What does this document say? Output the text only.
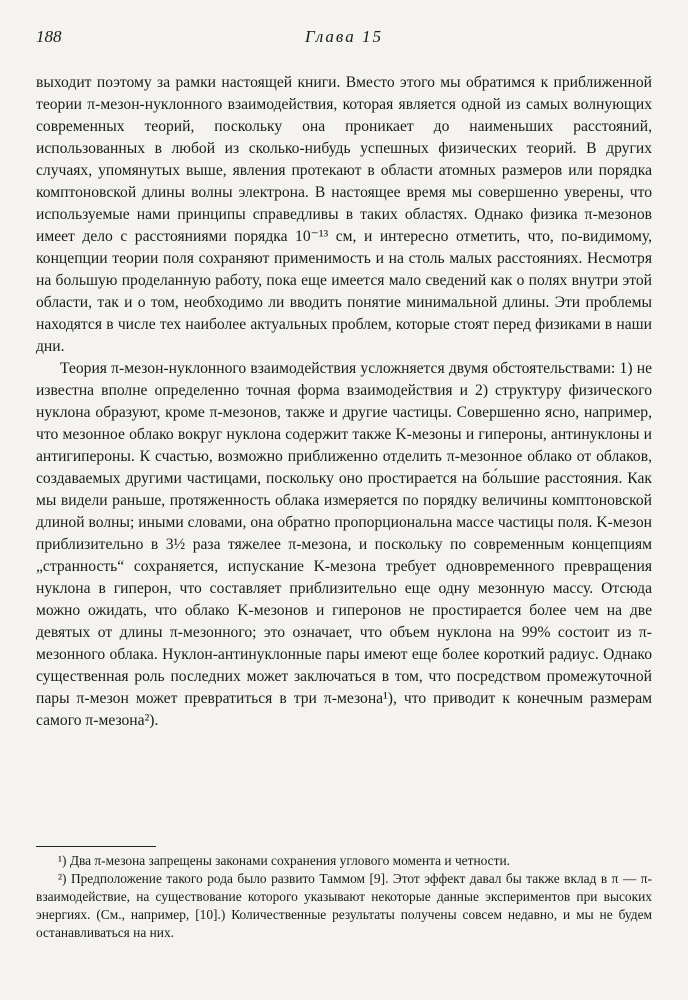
188	Глава 15

выходит поэтому за рамки настоящей книги. Вместо этого мы обратимся к приближенной теории π-мезон-нуклонного взаимодействия, которая является одной из самых волнующих современных теорий, поскольку она проникает до наименьших расстояний, использованных в любой из сколько-нибудь успешных физических теорий. В других случаях, упомянутых выше, явления протекают в области атомных размеров или порядка комптоновской длины волны электрона. В настоящее время мы совершенно уверены, что используемые нами принципы справедливы в таких областях. Однако физика π-мезонов имеет дело с расстояниями порядка 10⁻¹³ см, и интересно отметить, что, по-видимому, концепции теории поля сохраняют применимость и на столь малых расстояниях. Несмотря на большую проделанную работу, пока еще имеется мало сведений как о полях внутри этой области, так и о том, необходимо ли вводить понятие минимальной длины. Эти проблемы находятся в числе тех наиболее актуальных проблем, которые стоят перед физиками в наши дни.

Теория π-мезон-нуклонного взаимодействия усложняется двумя обстоятельствами: 1) не известна вполне определенно точная форма взаимодействия и 2) структуру физического нуклона образуют, кроме π-мезонов, также и другие частицы. Совершенно ясно, например, что мезонное облако вокруг нуклона содержит также K-мезоны и гипероны, антинуклоны и антигипероны. К счастью, возможно приближенно отделить π-мезонное облако от облаков, создаваемых другими частицами, поскольку оно простирается на бо́льшие расстояния. Как мы видели раньше, протяженность облака измеряется по порядку величины комптоновской длиной волны; иными словами, она обратно пропорциональна массе частицы поля. K-мезон приблизительно в 3½ раза тяжелее π-мезона, и поскольку по современным концепциям „странность“ сохраняется, испускание K-мезона требует одновременного превращения нуклона в гиперон, что составляет приблизительно еще одну мезонную массу. Отсюда можно ожидать, что облако K-мезонов и гиперонов не простирается более чем на две девятых от длины π-мезонного; это означает, что объем нуклона на 99% состоит из π-мезонного облака. Нуклон-антинуклонные пары имеют еще более короткий радиус. Однако существенная роль последних может заключаться в том, что посредством промежуточной пары π-мезон может превратиться в три π-мезона¹), что приводит к конечным размерам самого π-мезона²).

¹) Два π-мезона запрещены законами сохранения углового момента и четности.

²) Предположение такого рода было развито Таммом [9]. Этот эффект давал бы также вклад в π — π-взаимодействие, на существование которого указывают некоторые данные экспериментов при высоких энергиях. (См., например, [10].) Количественные результаты получены совсем недавно, и мы не будем останавливаться на них.
